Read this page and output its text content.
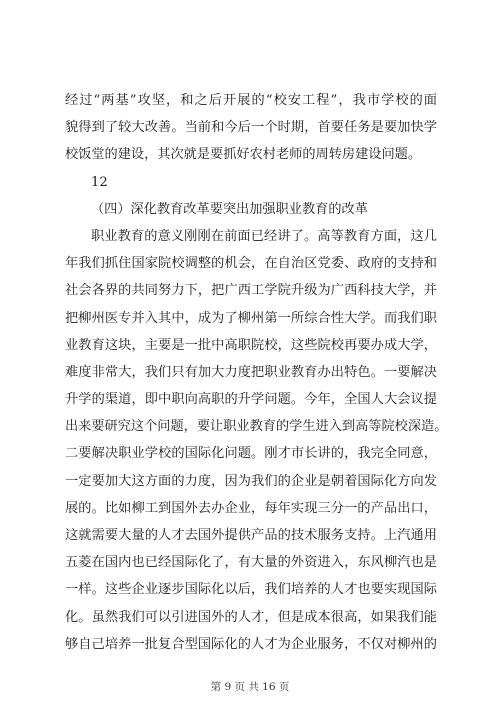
经过“两基”攻坚，和之后开展的“校安工程”，我市学校的面
貌得到了较大改善。当前和今后一个时期，首要任务是要加快学
校饭堂的建设，其次就是要抓好农村老师的周转房建设问题。
12
（四）深化教育改革要突出加强职业教育的改革
职业教育的意义刚刚在前面已经讲了。高等教育方面，这几
年我们抓住国家院校调整的机会，在自治区党委、政府的支持和
社会各界的共同努力下，把广西工学院升级为广西科技大学，并
把柳州医专并入其中，成为了柳州第一所综合性大学。而我们职
业教育这块，主要是一批中高职院校，这些院校再要办成大学，
难度非常大，我们只有加大力度把职业教育办出特色。一要解决
升学的渠道，即中职向高职的升学问题。今年，全国人大会议提
出来要研究这个问题，要让职业教育的学生进入到高等院校深造。
二要解决职业学校的国际化问题。刚才市长讲的，我完全同意，
一定要加大这方面的力度，因为我们的企业是朝着国际化方向发
展的。比如柳工到国外去办企业，每年实现三分一的产品出口，
这就需要大量的人才去国外提供产品的技术服务支持。上汽通用
五菱在国内也已经国际化了，有大量的外资进入，东风柳汽也是
一样。这些企业逐步国际化以后，我们培养的人才也要实现国际
化。虽然我们可以引进国外的人才，但是成本很高，如果我们能
够自己培养一批复合型国际化的人才为企业服务，不仅对柳州的
第 9 页 共 16 页
